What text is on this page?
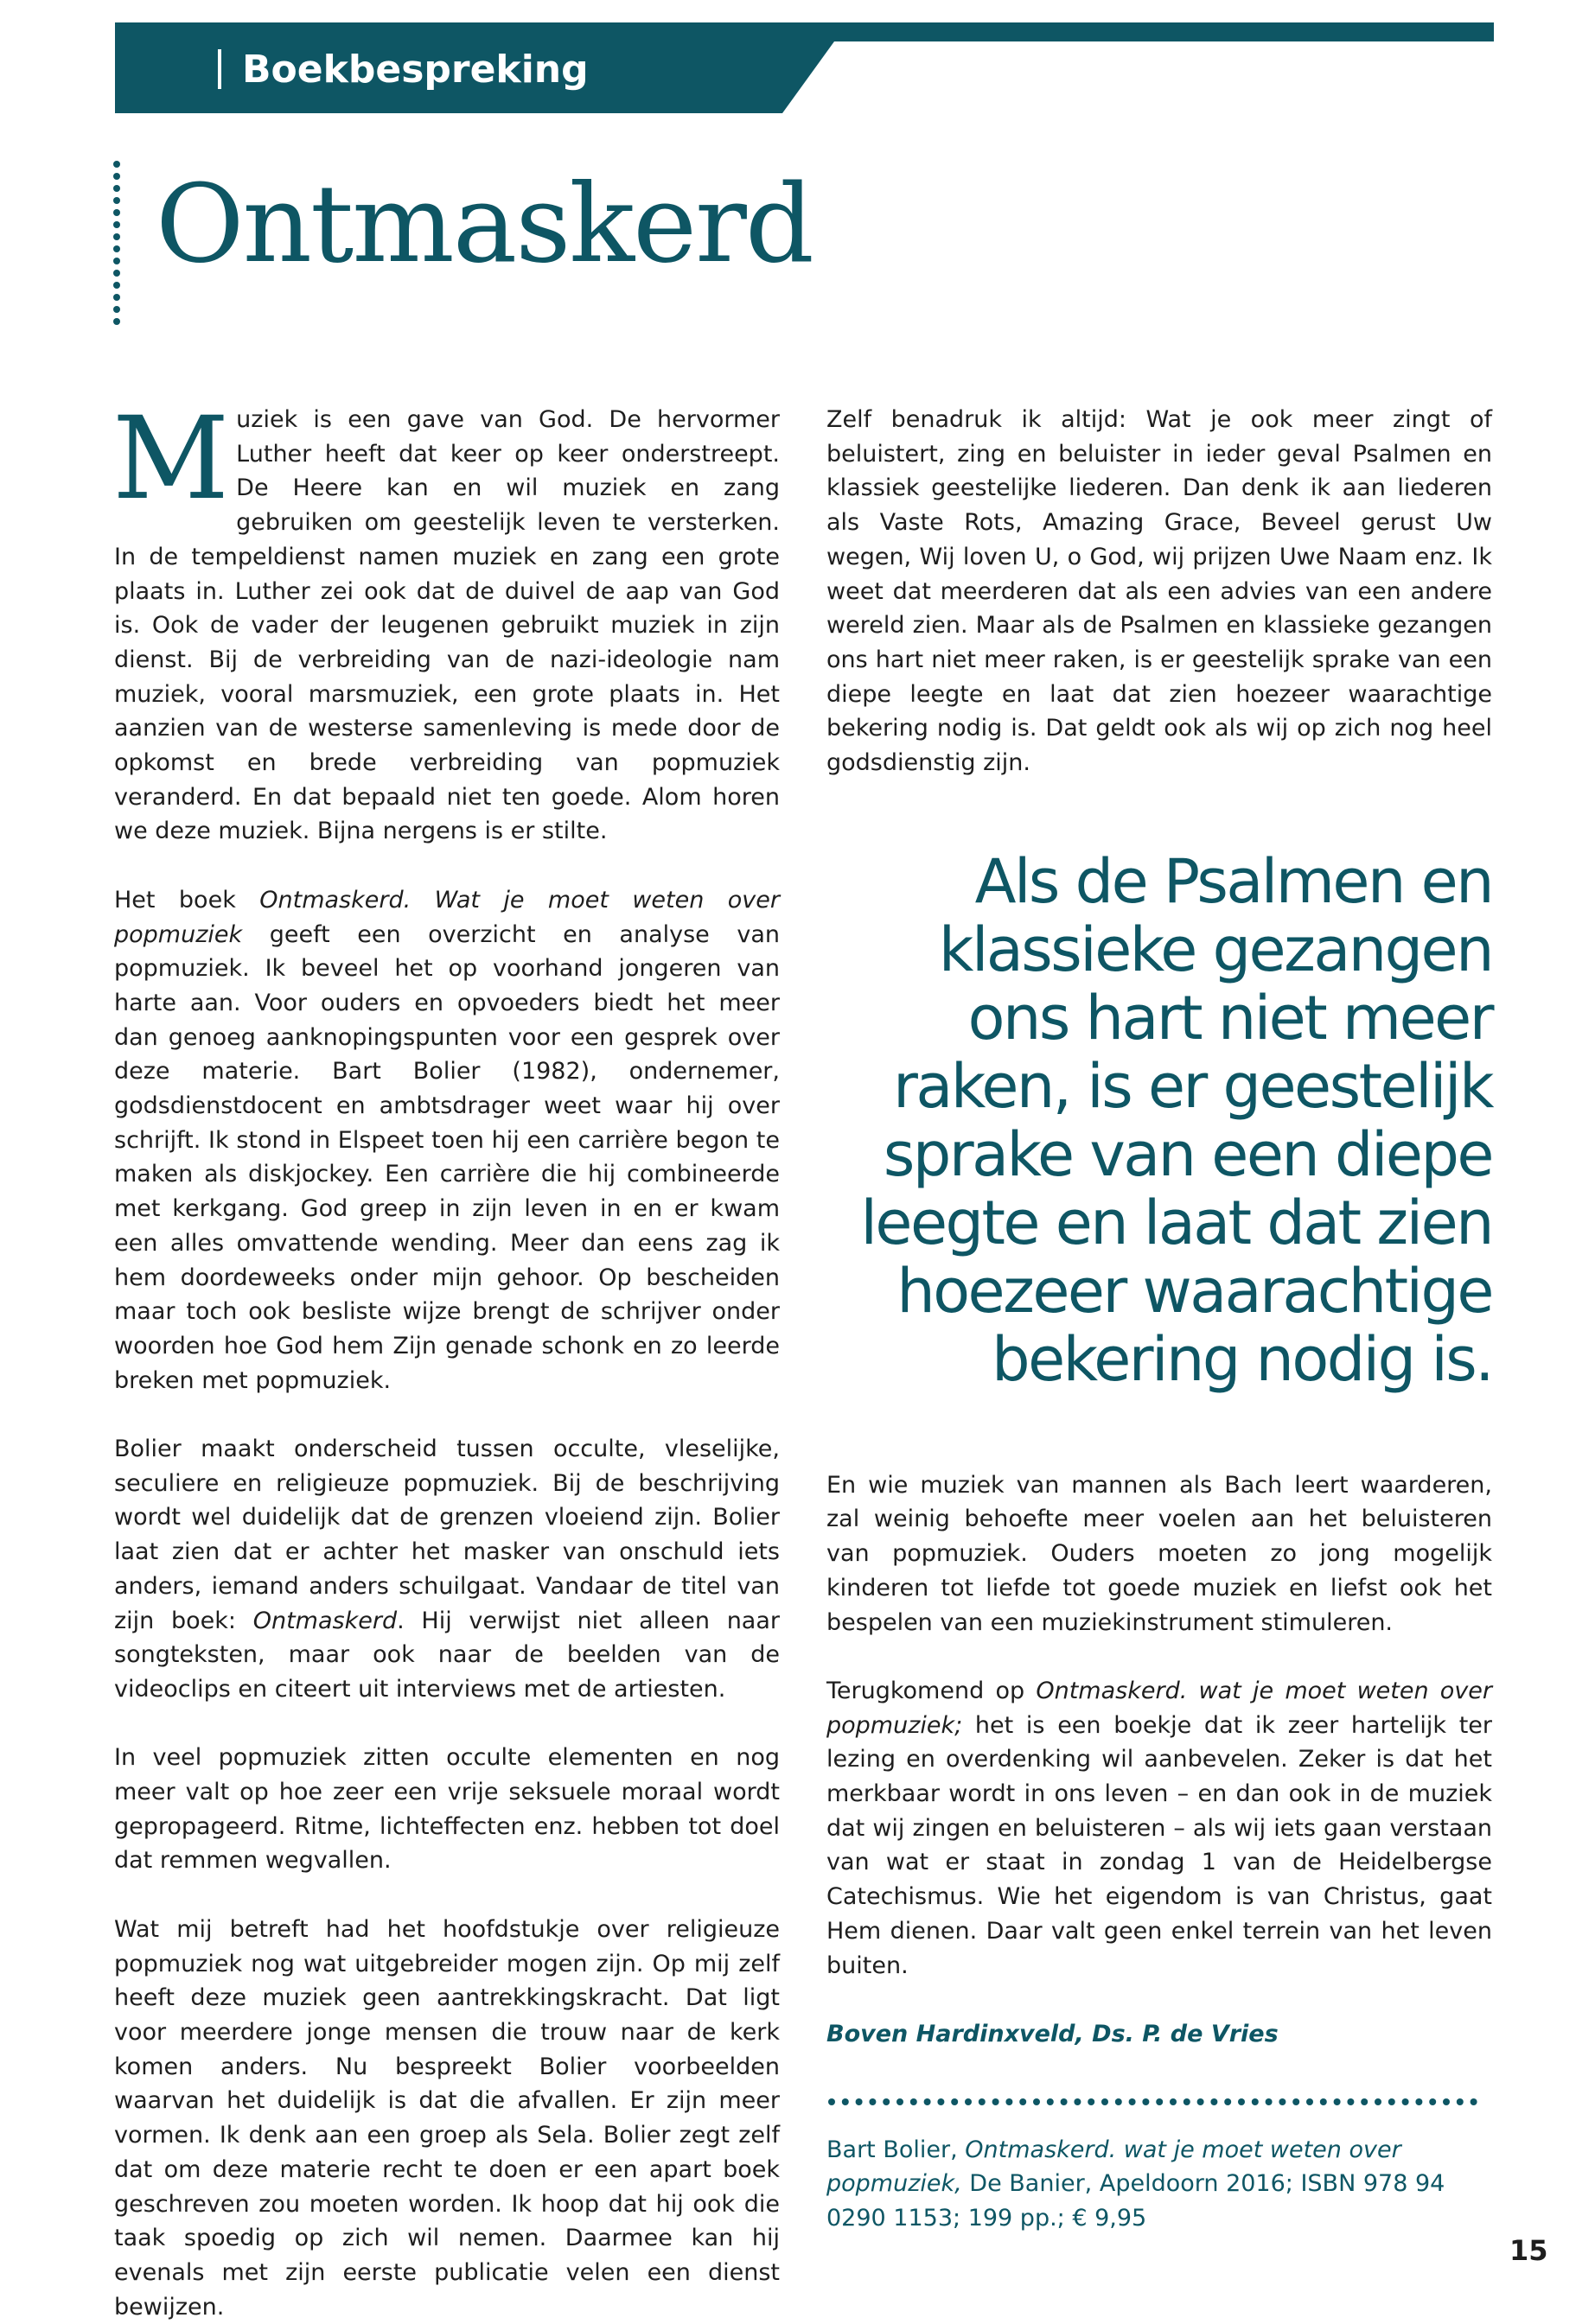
Boekbespreking
Ontmaskerd

Muziek is een gave van God. De hervormer Luther heeft dat keer op keer onderstreept. De Heere kan en wil muziek en zang gebruiken om geestelijk leven te versterken. In de tempeldienst namen muziek en zang een grote plaats in. Luther zei ook dat de duivel de aap van God is. Ook de vader der leugenen gebruikt muziek in zijn dienst. Bij de verbreiding van de nazi-ideologie nam muziek, vooral marsmuziek, een grote plaats in. Het aanzien van de westerse samenleving is mede door de opkomst en brede verbreiding van popmuziek veranderd. En dat bepaald niet ten goede. Alom horen we deze muziek. Bijna nergens is er stilte.

Het boek Ontmaskerd. Wat je moet weten over popmuziek geeft een overzicht en analyse van popmuziek. Ik beveel het op voorhand jongeren van harte aan. Voor ouders en opvoeders biedt het meer dan genoeg aanknopingspunten voor een gesprek over deze materie. Bart Bolier (1982), ondernemer, godsdienstdocent en ambtsdrager weet waar hij over schrijft. Ik stond in Elspeet toen hij een carrière begon te maken als diskjockey. Een carrière die hij combineerde met kerkgang. God greep in zijn leven in en er kwam een alles omvattende wending. Meer dan eens zag ik hem doordeweeks onder mijn gehoor. Op bescheiden maar toch ook besliste wijze brengt de schrijver onder woorden hoe God hem Zijn genade schonk en zo leerde breken met popmuziek.

Bolier maakt onderscheid tussen occulte, vleselijke, seculiere en religieuze popmuziek. Bij de beschrijving wordt wel duidelijk dat de grenzen vloeiend zijn. Bolier laat zien dat er achter het masker van onschuld iets anders, iemand anders schuilgaat. Vandaar de titel van zijn boek: Ontmaskerd. Hij verwijst niet alleen naar songteksten, maar ook naar de beelden van de videoclips en citeert uit interviews met de artiesten.

In veel popmuziek zitten occulte elementen en nog meer valt op hoe zeer een vrije seksuele moraal wordt gepropageerd. Ritme, lichteffecten enz. hebben tot doel dat remmen wegvallen.

Wat mij betreft had het hoofdstukje over religieuze popmuziek nog wat uitgebreider mogen zijn. Op mij zelf heeft deze muziek geen aantrekkingskracht. Dat ligt voor meerdere jonge mensen die trouw naar de kerk komen anders. Nu bespreekt Bolier voorbeelden waarvan het duidelijk is dat die afvallen. Er zijn meer vormen. Ik denk aan een groep als Sela. Bolier zegt zelf dat om deze materie recht te doen er een apart boek geschreven zou moeten worden. Ik hoop dat hij ook die taak spoedig op zich wil nemen. Daarmee kan hij evenals met zijn eerste publicatie velen een dienst bewijzen.

Zelf benadruk ik altijd: Wat je ook meer zingt of beluistert, zing en beluister in ieder geval Psalmen en klassiek geestelijke liederen. Dan denk ik aan liederen als Vaste Rots, Amazing Grace, Beveel gerust Uw wegen, Wij loven U, o God, wij prijzen Uwe Naam enz. Ik weet dat meerderen dat als een advies van een andere wereld zien. Maar als de Psalmen en klassieke gezangen ons hart niet meer raken, is er geestelijk sprake van een diepe leegte en laat dat zien hoezeer waarachtige bekering nodig is. Dat geldt ook als wij op zich nog heel godsdienstig zijn.

Als de Psalmen en klassieke gezangen ons hart niet meer raken, is er geestelijk sprake van een diepe leegte en laat dat zien hoezeer waarachtige bekering nodig is.

En wie muziek van mannen als Bach leert waarderen, zal weinig behoefte meer voelen aan het beluisteren van popmuziek. Ouders moeten zo jong mogelijk kinderen tot liefde tot goede muziek en liefst ook het bespelen van een muziekinstrument stimuleren.

Terugkomend op Ontmaskerd. wat je moet weten over popmuziek; het is een boekje dat ik zeer hartelijk ter lezing en overdenking wil aanbevelen. Zeker is dat het merkbaar wordt in ons leven – en dan ook in de muziek dat wij zingen en beluisteren – als wij iets gaan verstaan van wat er staat in zondag 1 van de Heidelbergse Catechismus. Wie het eigendom is van Christus, gaat Hem dienen. Daar valt geen enkel terrein van het leven buiten.

Boven Hardinxveld, Ds. P. de Vries

Bart Bolier, Ontmaskerd. wat je moet weten over popmuziek, De Banier, Apeldoorn 2016; ISBN 978 94 0290 1153; 199 pp.; € 9,95

15
